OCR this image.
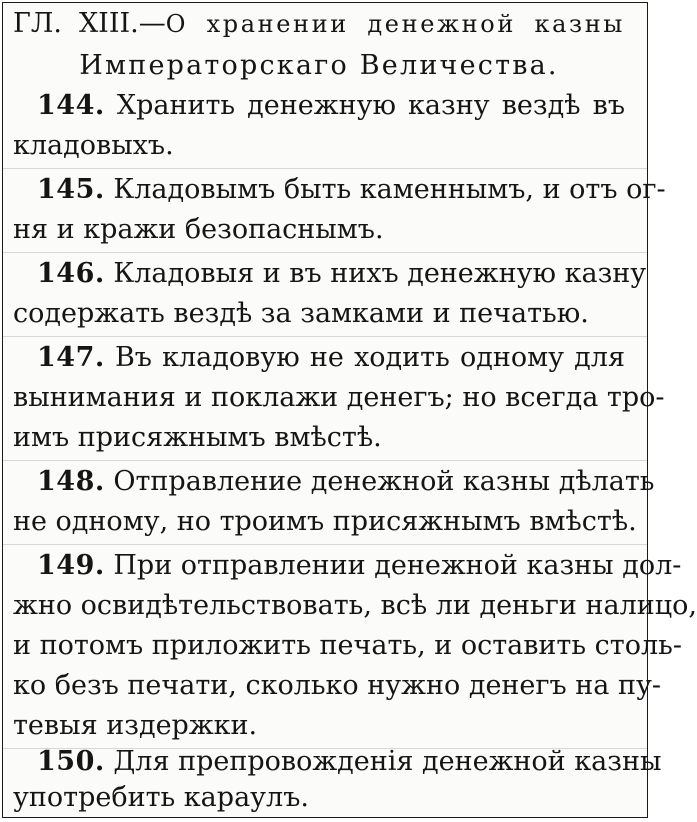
ГЛ. XIII.—О хранении денежной казны
Императорскаго Величества.
144. Хранить денежную казну вездѣ въ
кладовыхъ.
145. Кладовымъ быть каменнымъ, и отъ ог-
ня и кражи безопаснымъ.
146. Кладовыя и въ нихъ денежную казну
содержать вездѣ за замками и печатью.
147. Въ кладовую не ходить одному для
вынимания и поклажи денегъ; но всегда тро-
имъ присяжнымъ вмѣстѣ.
148. Отправлениe денежной казны дѣлать
не одному, но троимъ присяжнымъ вмѣстѣ.
149. При отправлении денежной казны дол-
жно освидѣтельствовать, всѣ ли деньги налицо,
и потомъ приложить печать, и оставить столь-
ко безъ печати, сколько нужно денегъ на пу-
тевыя издержки.
150. Для препровожденія денежной казны
употребить караулъ.
